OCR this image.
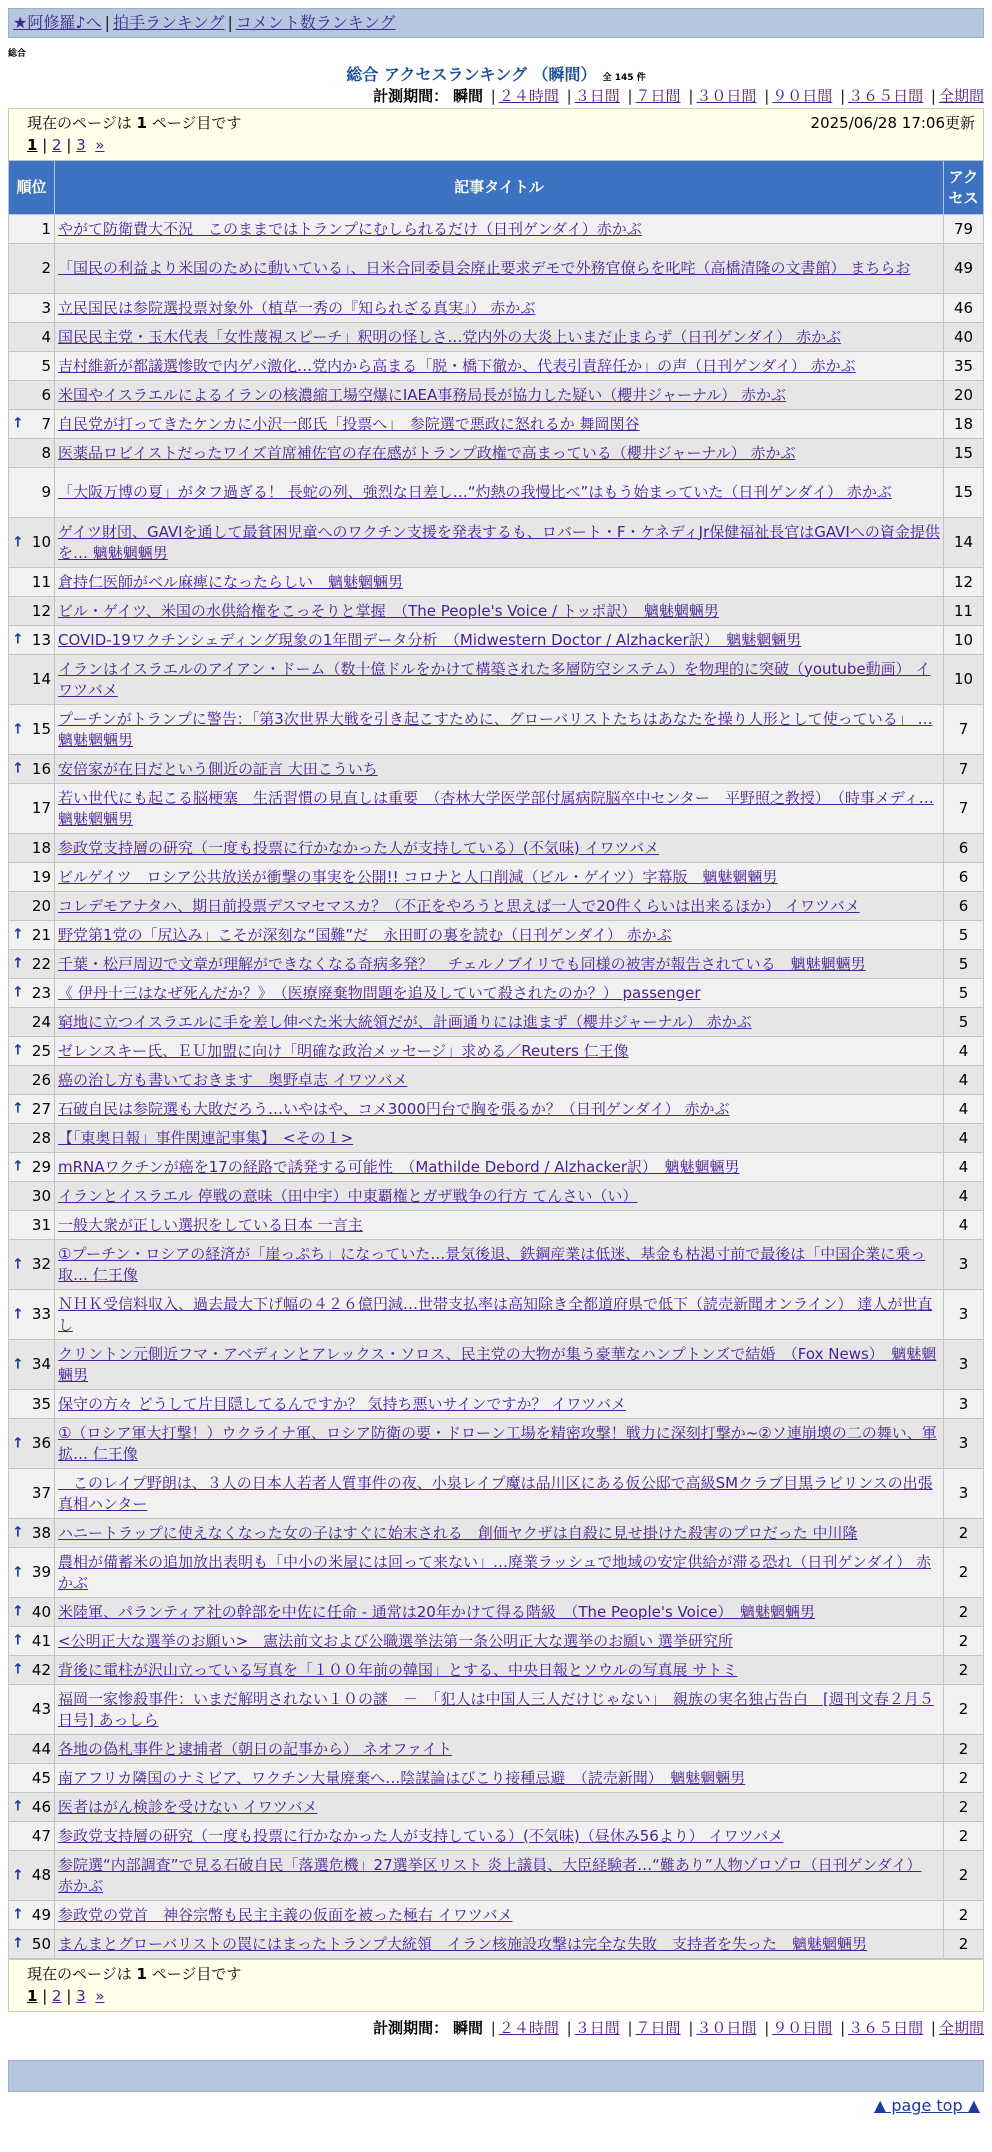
★阿修羅♪へ | 拍手ランキング | コメント数ランキング
総合
総合 アクセスランキング （瞬間） 全 145 件
計測期間： 瞬間 | ２４時間 | ３日間 | ７日間 | ３０日間 | ９０日間 | ３６５日間 | 全期間
現在のページは 1 ページ目です	2025/06/28 17:06更新
1 | 2 | 3 »
順位	記事タイトル	アクセス
1	やがて防衛費大不況　このままではトランプにむしられるだけ（日刊ゲンダイ）赤かぶ	79
2	「国民の利益より米国のために動いている」、日米合同委員会廃止要求デモで外務官僚らを叱咤（高橋清隆の文書館） まちらお	49
3	立民国民は参院選投票対象外（植草一秀の『知られざる真実』） 赤かぶ	46
4	国民民主党・玉木代表「女性蔑視スピーチ」釈明の怪しさ…党内外の大炎上いまだ止まらず（日刊ゲンダイ） 赤かぶ	40
5	吉村維新が都議選惨敗で内ゲバ激化…党内から高まる「脱・橋下徹か、代表引責辞任か」の声（日刊ゲンダイ） 赤かぶ	35
6	米国やイスラエルによるイランの核濃縮工場空爆にIAEA事務局長が協力した疑い（櫻井ジャーナル） 赤かぶ	20

↑ 7	自民党が打ってきたケンカに小沢一郎氏「投票へ」　参院選で悪政に怒れるか 舞岡関谷	18
8	医薬品ロビイストだったワイズ首席補佐官の存在感がトランプ政権で高まっている（櫻井ジャーナル） 赤かぶ	15
9	「大阪万博の夏」がタフ過ぎる！ 長蛇の列、強烈な日差し…“灼熱の我慢比べ”はもう始まっていた（日刊ゲンダイ） 赤かぶ	15

↑ 10	ゲイツ財団、GAVIを通して最貧困児童へのワクチン支援を発表するも、ロバート・F・ケネディJr保健福祉長官はGAVIへの資金提供を… 魑魅魍魎男	14
11	倉持仁医師がベル麻痺になったらしい　魑魅魍魎男	12
12	ビル・ゲイツ、米国の水供給権をこっそりと掌握　（The People's Voice / トッポ訳）　魑魅魍魎男	11

↑ 13	COVID-19ワクチンシェディング現象の1年間データ分析　（Midwestern Doctor / Alzhacker訳）　魑魅魍魎男	10
14	イランはイスラエルのアイアン・ドーム（数十億ドルをかけて構築された多層防空システム）を物理的に突破（youtube動画） イワツバメ	10

↑ 15	プーチンがトランプに警告：「第3次世界大戦を引き起こすために、グローバリストたちはあなたを操り人形として使っている」 … 魑魅魍魎男	7

↑ 16	安倍家が在日だという側近の証言 大田こういち	7
17	若い世代にも起こる脳梗塞　生活習慣の見直しは重要　（杏林大学医学部付属病院脳卒中センター　平野照之教授）　（時事メディ… 魑魅魍魎男	7
18	参政党支持層の研究（一度も投票に行かなかった人が支持している）(不気味) イワツバメ	6
19	ビルゲイツ　ロシア公共放送が衝撃の事実を公開!! コロナと人口削減（ビル・ゲイツ）字幕版　魑魅魍魎男	6
20	コレデモアナタハ、期日前投票デスマセマスカ？（不正をやろうと思えば一人で20件くらいは出来るほか） イワツバメ	6

↑ 21	野党第1党の「尻込み」こそが深刻な“国難”だ　永田町の裏を読む（日刊ゲンダイ） 赤かぶ	5

↑ 22	千葉・松戸周辺で文章が理解ができなくなる奇病多発？　チェルノブイリでも同様の被害が報告されている　魑魅魍魎男	5

↑ 23	《 伊丹十三はなぜ死んだか？》　（医療廃棄物問題を追及していて殺されたのか？） passenger	5
24	窮地に立つイスラエルに手を差し伸べた米大統領だが、計画通りには進まず（櫻井ジャーナル） 赤かぶ	5

↑ 25	ゼレンスキー氏、ＥＵ加盟に向け「明確な政治メッセージ」求める／Reuters 仁王像	4
26	癌の治し方も書いておきます　奥野卓志 イワツバメ	4

↑ 27	石破自民は参院選も大敗だろう…いやはや、コメ3000円台で胸を張るか？（日刊ゲンダイ） 赤かぶ	4
28	【「東奥日報」事件関連記事集】　<その１>	4

↑ 29	mRNAワクチンが癌を17の経路で誘発する可能性　（Mathilde Debord / Alzhacker訳）　魑魅魍魎男	4
30	イランとイスラエル 停戦の意味（田中宇）中東覇権とガザ戦争の行方 てんさい（い）	4
31	一般大衆が正しい選択をしている日本 一言主	4

↑ 32	①プーチン・ロシアの経済が「崖っぷち」になっていた…景気後退、鉄鋼産業は低迷、基金も枯渇寸前で最後は「中国企業に乗っ取… 仁王像	3

↑ 33	ＮＨＫ受信料収入、過去最大下げ幅の４２６億円減…世帯支払率は高知除き全都道府県で低下（読売新聞オンライン） 達人が世直し	3

↑ 34	クリントン元側近フマ・アベディンとアレックス・ソロス、民主党の大物が集う豪華なハンプトンズで結婚　（Fox News）　魑魅魍魎男	3
35	保守の方々 どうして片目隠してるんですか？ 気持ち悪いサインですか？ イワツバメ	3

↑ 36	①（ロシア軍大打撃！）ウクライナ軍、ロシア防衛の要・ドローン工場を精密攻撃！戦力に深刻打撃か~②ソ連崩壊の二の舞い、軍拡… 仁王像	3
37	　このレイプ野朗は、３人の日本人若者人質事件の夜、小泉レイプ魔は品川区にある仮公邸で高級SMクラブ目黒ラビリンスの出張 真相ハンター	3

↑ 38	ハニートラップに使えなくなった女の子はすぐに始末される　創価ヤクザは自殺に見せ掛けた殺害のプロだった 中川隆	2

↑ 39	農相が備蓄米の追加放出表明も「中小の米屋には回って来ない」…廃業ラッシュで地域の安定供給が滞る恐れ（日刊ゲンダイ） 赤かぶ	2

↑ 40	米陸軍、パランティア社の幹部を中佐に任命 - 通常は20年かけて得る階級　（The People's Voice）　魑魅魍魎男	2

↑ 41	<公明正大な選挙のお願い>　憲法前文および公職選挙法第一条公明正大な選挙のお願い 選挙研究所	2

↑ 42	背後に電柱が沢山立っている写真を「１００年前の韓国」とする、中央日報とソウルの写真展 サトミ	2
43	福岡一家惨殺事件：いまだ解明されない１０の謎　－　「犯人は中国人三人だけじゃない」　親族の実名独占告白　[週刊文春２月５日号] あっしら	2
44	各地の偽札事件と逮捕者（朝日の記事から） ネオファイト	2
45	南アフリカ隣国のナミビア、ワクチン大量廃棄へ…陰謀論はびこり接種忌避　（読売新聞）　魑魅魍魎男	2

↑ 46	医者はがん検診を受けない イワツバメ	2
47	参政党支持層の研究（一度も投票に行かなかった人が支持している）(不気味)（昼休み56より） イワツバメ	2

↑ 48	参院選“内部調査”で見る石破自民「落選危機」27選挙区リスト 炎上議員、大臣経験者…“難あり”人物ゾロゾロ（日刊ゲンダイ） 赤かぶ	2

↑ 49	参政党の党首　神谷宗幣も民主主義の仮面を被った極右 イワツバメ	2

↑ 50	まんまとグローバリストの罠にはまったトランプ大統領　イラン核施設攻撃は完全な失敗　支持者を失った　魑魅魍魎男	2
現在のページは 1 ページ目です
1 | 2 | 3 »
計測期間： 瞬間 | ２４時間 | ３日間 | ７日間 | ３０日間 | ９０日間 | ３６５日間 | 全期間
▲ page top ▲
